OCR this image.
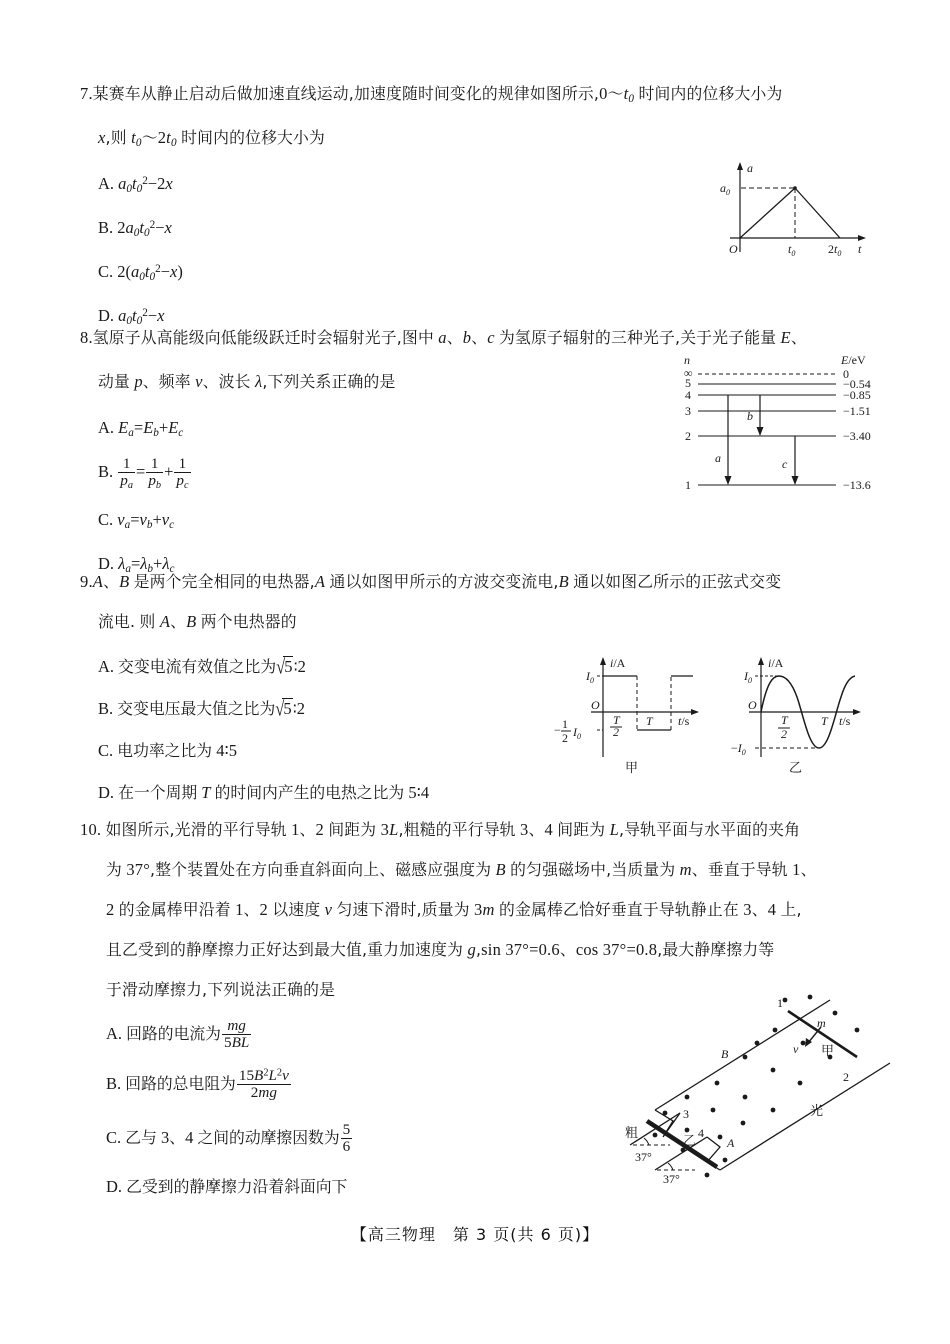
7.某赛车从静止启动后做加速直线运动,加速度随时间变化的规律如图所示$,0\sim t_0$ 时间内的位移大小为
x,则 $t_0\sim 2t_0$ 时间内的位移大小为
A. $a_0t_0^2-2x$
B. $2a_0t_0^2-x$
C. $2(a_0t_0^2-x)$
D. $a_0t_0^2-x$
a
$a_0$
O	$t_0$	$2t_0$ t
8.氢原子从高能级向低能级跃迁时会辐射光子,图中 a、b、c 为氢原子辐射的三种光子,关于光子能量 E、
动量 p、频率 ν、波长 λ,下列关系正确的是
A. $E_a=E_b+E_c$
B. $\frac{1}{p_a} = \frac{1}{p_b} + \frac{1}{p_c}$
C. $\nu_a=\nu_b+\nu_c$
D. $\lambda_a=\lambda_b+\lambda_c$
n	E/eV
∞
5
4
3
2
1
0
−0.54
−0.85
−1.51
−3.40
−13.6
a
b
c
9.A、B 是两个完全相同的电热器,A 通以如图甲所示的方波交变流电,B 通以如图乙所示的正弦式交变
流电. 则 A、B 两个电热器的
A. 交变电流有效值之比为√5∶2
B. 交变电压最大值之比为√5∶2
C. 电功率之比为 4∶5
D. 在一个周期 T 的时间内产生的电热之比为 5∶4
i/A
$I_0$
O
T 2
T
− 1
2 $I_0$
t/s
甲
i/A
$I_0$
O
T 2
T
$-I_0$
t/s
乙
10. 如图所示,光滑的平行导轨 1、2 间距为 3L,粗糙的平行导轨 3、4 间距为 L,导轨平面与水平面的夹角
为 37°,整个装置处在方向垂直斜面向上、磁感应强度为 B 的匀强磁场中,当质量为 m、垂直于导轨 1、
2 的金属棒甲沿着 1、2 以速度 v 匀速下滑时,质量为 3m 的金属棒乙恰好垂直于导轨静止在 3、4 上,
且乙受到的静摩擦力正好达到最大值,重力加速度为 g,sin 37°=0.6、cos 37°=0.8,最大静摩擦力等
于滑动摩擦力,下列说法正确的是
A. 回路的电流为 $\frac{mg}{5BL}$
B. 回路的总电阻为 $\frac{15B^2L^2v}{2mg}$
C. 乙与 3、4 之间的动摩擦因数为 $\frac{5}{6}$
D. 乙受到的静摩擦力沿着斜面向下
1
2
3
4
B
A
m
v 甲
乙
粗
光
37°
37°
【高三物理　第 3 页(共 6 页)】
